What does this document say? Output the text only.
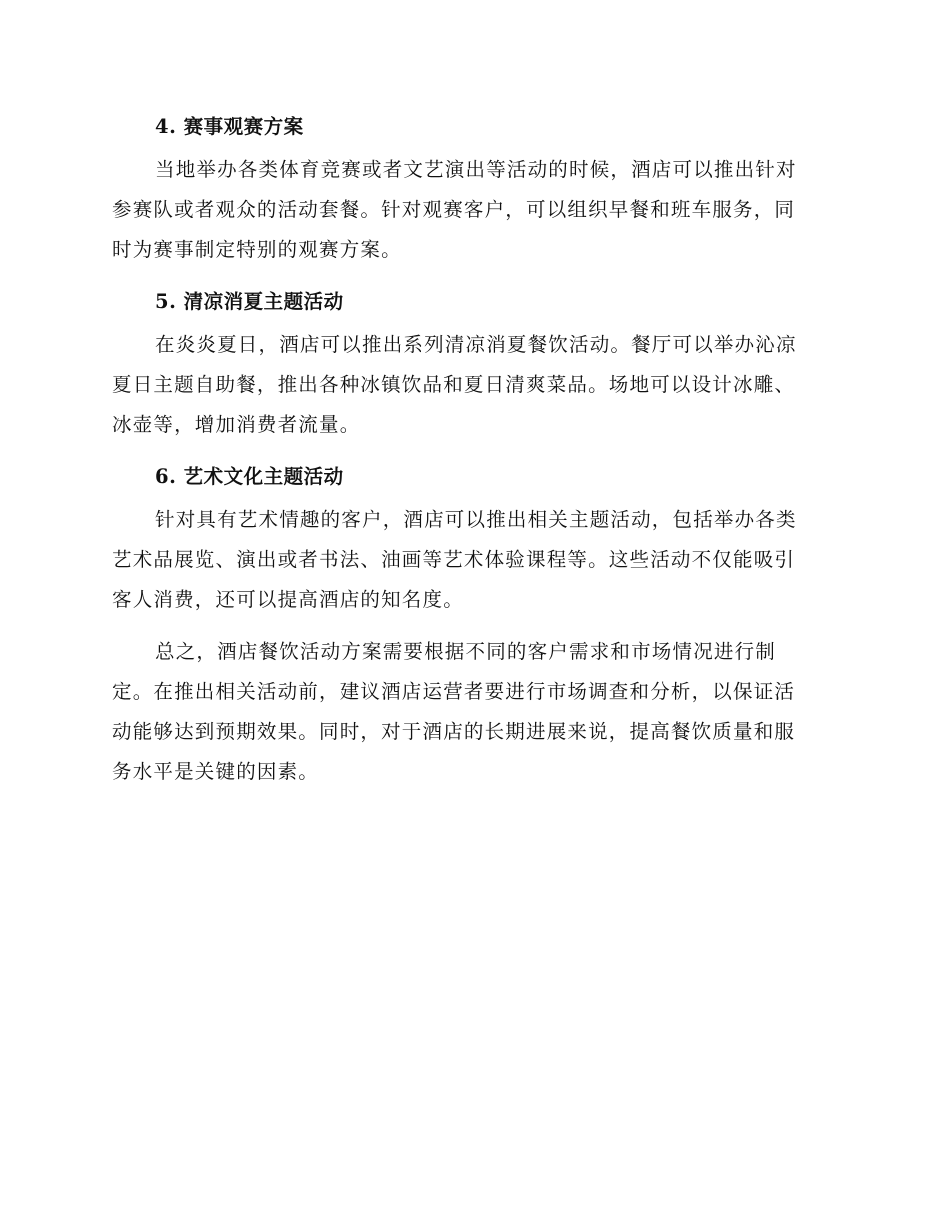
4. 赛事观赛方案
当地举办各类体育竞赛或者文艺演出等活动的时候，酒店可以推出针对
参赛队或者观众的活动套餐。针对观赛客户，可以组织早餐和班车服务，同
时为赛事制定特别的观赛方案。
5. 清凉消夏主题活动
在炎炎夏日，酒店可以推出系列清凉消夏餐饮活动。餐厅可以举办沁凉
夏日主题自助餐，推出各种冰镇饮品和夏日清爽菜品。场地可以设计冰雕、
冰壶等，增加消费者流量。
6. 艺术文化主题活动
针对具有艺术情趣的客户，酒店可以推出相关主题活动，包括举办各类
艺术品展览、演出或者书法、油画等艺术体验课程等。这些活动不仅能吸引
客人消费，还可以提高酒店的知名度。
总之，酒店餐饮活动方案需要根据不同的客户需求和市场情况进行制
定。在推出相关活动前，建议酒店运营者要进行市场调查和分析，以保证活
动能够达到预期效果。同时，对于酒店的长期进展来说，提高餐饮质量和服
务水平是关键的因素。
